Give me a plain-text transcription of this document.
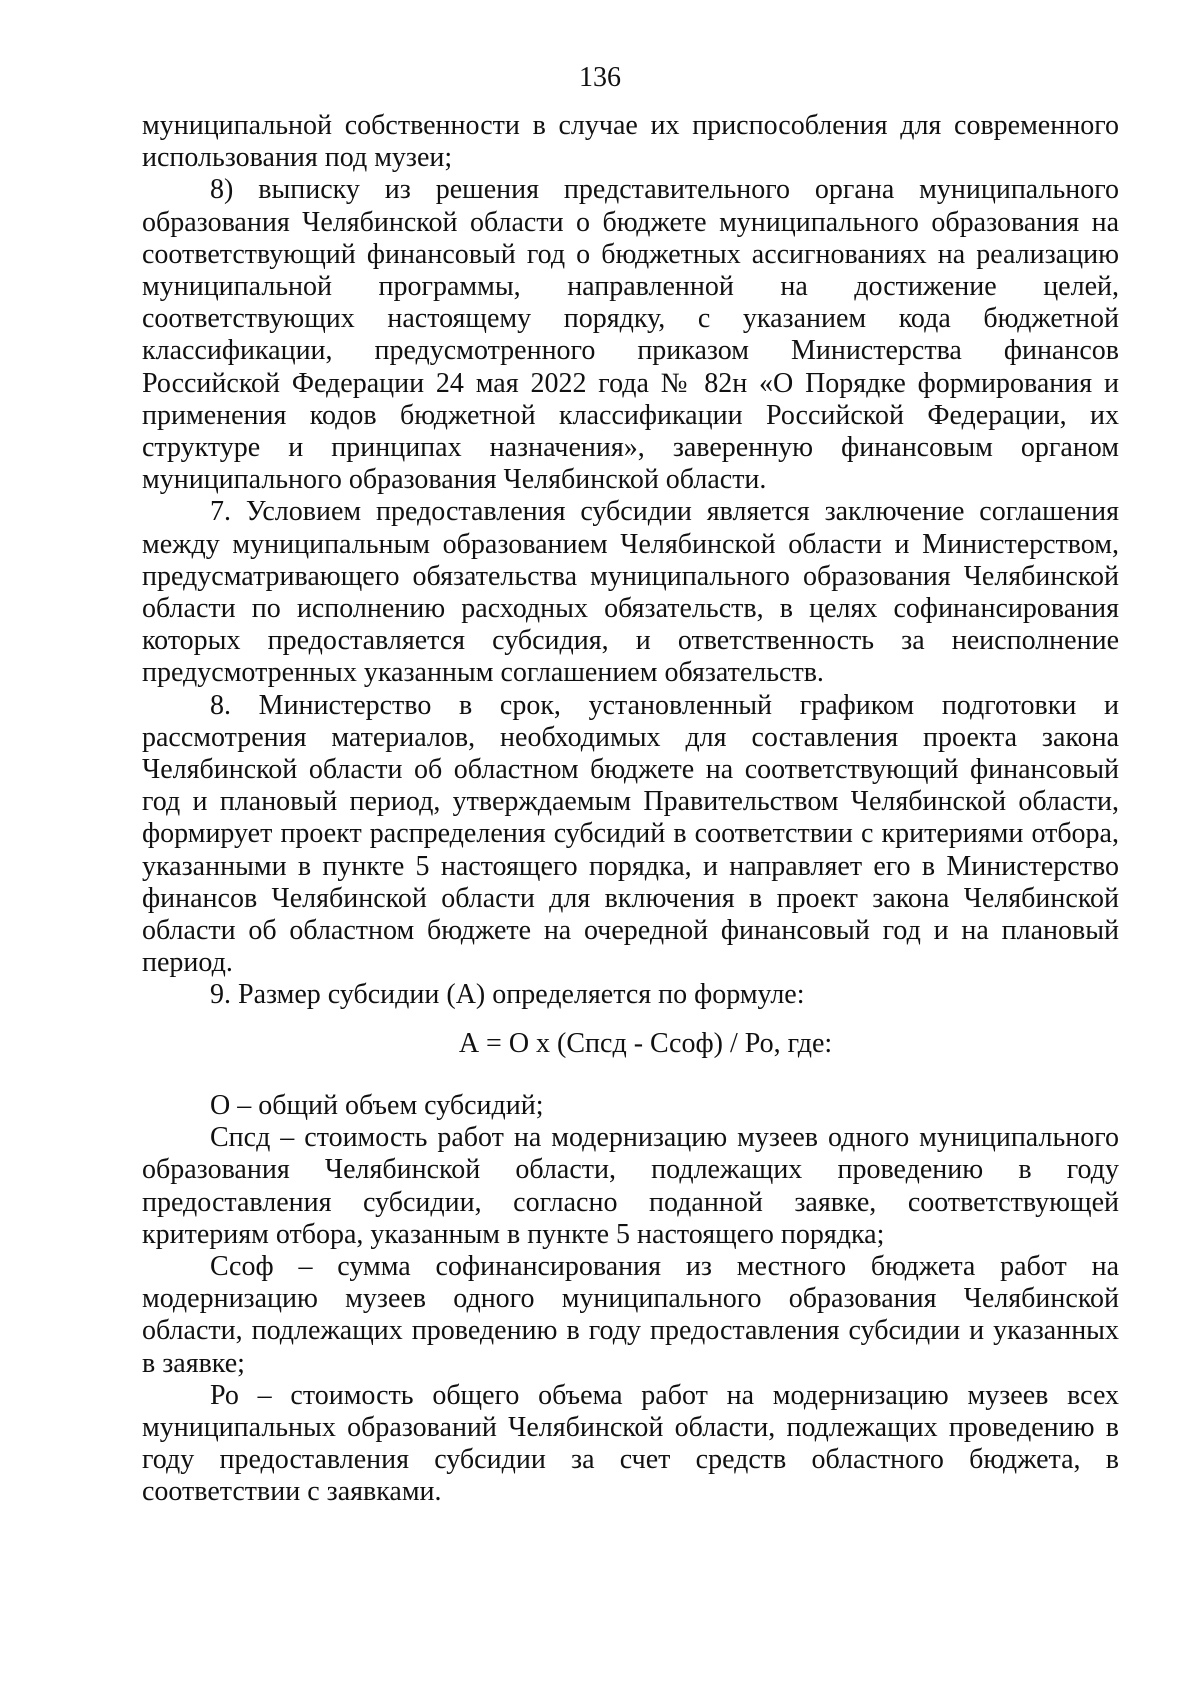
136

муниципальной собственности в случае их приспособления для современного использования под музеи;

8) выписку из решения представительного органа муниципального образования Челябинской области о бюджете муниципального образования на соответствующий финансовый год о бюджетных ассигнованиях на реализацию муниципальной программы, направленной на достижение целей, соответствующих настоящему порядку, с указанием кода бюджетной классификации, предусмотренного приказом Министерства финансов Российской Федерации 24 мая 2022 года № 82н «О Порядке формирования и применения кодов бюджетной классификации Российской Федерации, их структуре и принципах назначения», заверенную финансовым органом муниципального образования Челябинской области.

7. Условием предоставления субсидии является заключение соглашения между муниципальным образованием Челябинской области и Министерством, предусматривающего обязательства муниципального образования Челябинской области по исполнению расходных обязательств, в целях софинансирования которых предоставляется субсидия, и ответственность за неисполнение предусмотренных указанным соглашением обязательств.

8. Министерство в срок, установленный графиком подготовки и рассмотрения материалов, необходимых для составления проекта закона Челябинской области об областном бюджете на соответствующий финансовый год и плановый период, утверждаемым Правительством Челябинской области, формирует проект распределения субсидий в соответствии с критериями отбора, указанными в пункте 5 настоящего порядка, и направляет его в Министерство финансов Челябинской области для включения в проект закона Челябинской области об областном бюджете на очередной финансовый год и на плановый период.

9. Размер субсидии (А) определяется по формуле:

А = О х (Спсд - Ссоф) / Ро, где:

О – общий объем субсидий;

Спсд – стоимость работ на модернизацию музеев одного муниципального образования Челябинской области, подлежащих проведению в году предоставления субсидии, согласно поданной заявке, соответствующей критериям отбора, указанным в пункте 5 настоящего порядка;

Ссоф – сумма софинансирования из местного бюджета работ на модернизацию музеев одного муниципального образования Челябинской области, подлежащих проведению в году предоставления субсидии и указанных в заявке;

Ро – стоимость общего объема работ на модернизацию музеев всех муниципальных образований Челябинской области, подлежащих проведению в году предоставления субсидии за счет средств областного бюджета, в соответствии с заявками.
